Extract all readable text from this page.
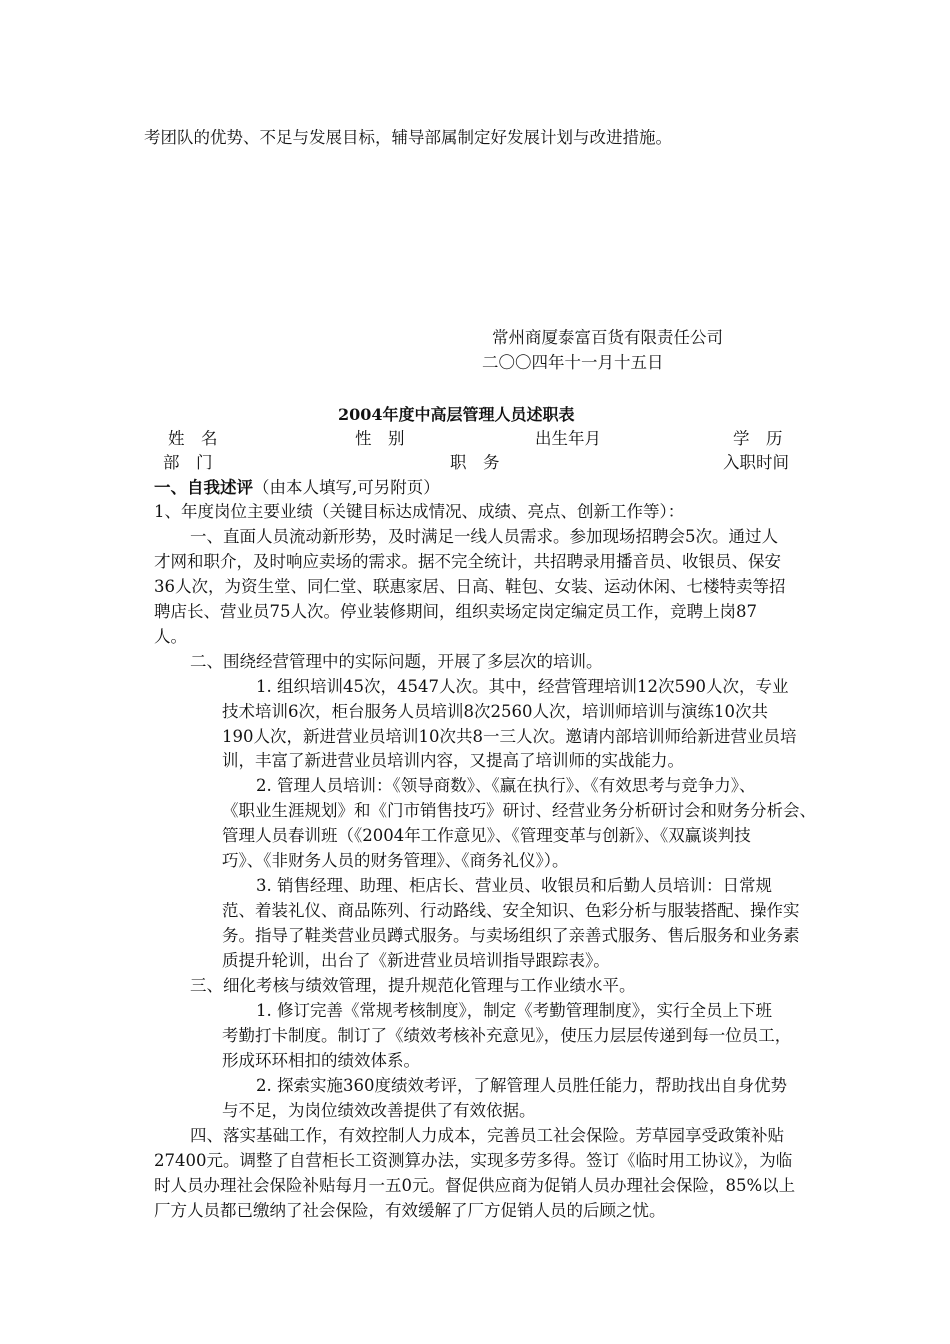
考团队的优势、不足与发展目标，辅导部属制定好发展计划与改进措施。
常州商厦泰富百货有限责任公司
二〇〇四年十一月十五日
2004年度中高层管理人员述职表
姓　名	性　别	出生年月	学　历
部　门	职　务	入职时间
一、自我述评（由本人填写,可另附页）
1、年度岗位主要业绩（关键目标达成情况、成绩、亮点、创新工作等）：
一、直面人员流动新形势，及时满足一线人员需求。参加现场招聘会5次。通过人
才网和职介，及时响应卖场的需求。据不完全统计，共招聘录用播音员、收银员、保安
36人次，为资生堂、同仁堂、联惠家居、日高、鞋包、女装、运动休闲、七楼特卖等招
聘店长、营业员75人次。停业装修期间，组织卖场定岗定编定员工作，竞聘上岗87
人。
二、围绕经营管理中的实际问题，开展了多层次的培训。
1. 组织培训45次，4547人次。其中，经营管理培训12次590人次，专业
技术培训6次，柜台服务人员培训8次2560人次，培训师培训与演练10次共
190人次，新进营业员培训10次共8一三人次。邀请内部培训师给新进营业员培
训，丰富了新进营业员培训内容，又提高了培训师的实战能力。
2. 管理人员培训：《领导商数》、《赢在执行》、《有效思考与竞争力》、
《职业生涯规划》和《门市销售技巧》研讨、经营业务分析研讨会和财务分析会、
管理人员春训班（《2004年工作意见》、《管理变革与创新》、《双赢谈判技
巧》、《非财务人员的财务管理》、《商务礼仪》）。
3. 销售经理、助理、柜店长、营业员、收银员和后勤人员培训：日常规
范、着装礼仪、商品陈列、行动路线、安全知识、色彩分析与服装搭配、操作实
务。指导了鞋类营业员蹲式服务。与卖场组织了亲善式服务、售后服务和业务素
质提升轮训，出台了《新进营业员培训指导跟踪表》。
三、细化考核与绩效管理，提升规范化管理与工作业绩水平。
1. 修订完善《常规考核制度》，制定《考勤管理制度》，实行全员上下班
考勤打卡制度。制订了《绩效考核补充意见》，使压力层层传递到每一位员工，
形成环环相扣的绩效体系。
2. 探索实施360度绩效考评，了解管理人员胜任能力，帮助找出自身优势
与不足，为岗位绩效改善提供了有效依据。
四、落实基础工作，有效控制人力成本，完善员工社会保险。芳草园享受政策补贴
27400元。调整了自营柜长工资测算办法，实现多劳多得。签订《临时用工协议》，为临
时人员办理社会保险补贴每月一五0元。督促供应商为促销人员办理社会保险，85%以上
厂方人员都已缴纳了社会保险，有效缓解了厂方促销人员的后顾之忧。
